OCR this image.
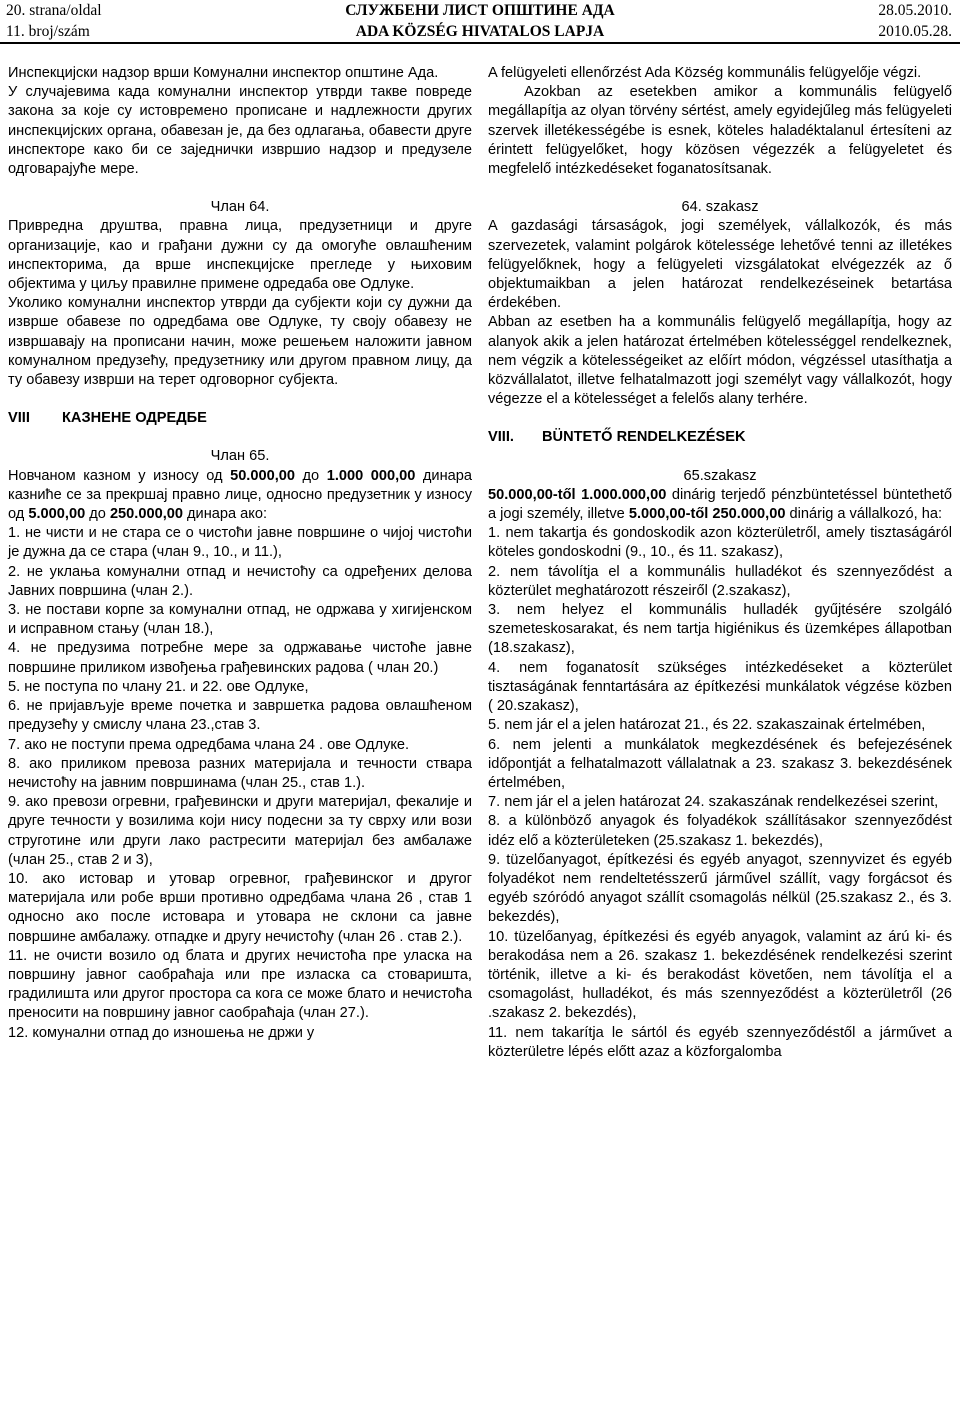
20. strana/oldal
11. broj/szám
СЛУЖБЕНИ ЛИСТ ОПШТИНЕ АДА
ADA KÖZSÉG HIVATALOS LAPJA
28.05.2010.
2010.05.28.

Инспекцијски надзор врши Комунални инспектор општине Ада.

У случајевима када комунални инспектор утврди такве повреде закона за које су истовремено прописане и надлежности других инспекцијских органа, обавезан је, да без одлагања, обавести друге инспекторе како би се заједнички извршио надзор и предузеле одговарајуће мере.

Члан 64.

Привредна друштва, правна лица, предузетници и друге организације, као и грађани дужни су да омогуће овлашћеним инспекторима, да врше инспекцијске прегледе у њиховим објектима у циљу правилне примене одредаба ове Одлуке.

Уколико комунални инспектор утврди да субјекти који су дужни да изврше обавезе по одредбама ове Одлуке, ту своју обавезу не извршавају на прописани начин, може решењем наложити јавном комуналном предузећу, предузетнику или другом правном лицу, да ту обавезу изврши на терет одговорног субјекта.

VIII	КАЗНЕНЕ ОДРЕДБЕ

Члан 65.

Новчаном казном у износу од 50.000,00 до 1.000 000,00 динара казниће се за прекршај правно лице, односно предузетник у износу од 5.000,00 до 250.000,00 динара ако:

1. не чисти и не стара се о чистоћи јавне површине о чијој чистоћи је дужна да се стара (члан 9., 10., и 11.),

2. не уклања комунални отпад и нечистоћу са одређених делова Јавних површина (члан 2.).

3. не постави корпе за комунални отпад, не одржава у хигијенском и исправном стању (члан 18.),

4. не предузима потребне мере за одржавање чистоће јавне површине приликом извођења грађевинских радова ( члан 20.)

5. не поступа по члану 21. и 22. ове Одлуке,

6. не пријављује време почетка и завршетка радова овлашћеном предузећу у смислу члана 23.,став 3.

7. ако не поступи према одредбама члана 24 . ове Одлуке.

8. ако приликом превоза разних материјала и течности ствара нечистоћу на јавним површинама (члан 25., став 1.).

9. ако превози огревни, грађевински и други материјал, фекалије и друге течности у возилима који нису подесни за ту сврху или вози струготине или други лако растресити материјал без амбалаже (члан 25., став 2 и 3),

10. ако истовар и утовар огревног, грађевинског и другог материјала или робе врши противно одредбама члана 26 , став 1 односно ако после истовара и утовара не склони са јавне површине амбалажу. отпадке и другу нечистоћу (члан 26 . став 2.).

11. не очисти возило од блата и других нечистоћа пре уласка на површину јавног саобраћаја или пре изласка са стоваришта, градилишта или другог простора са кога се може блато и нечистоћа преносити на површину јавног саобраћаја (члан 27.).

12. комунални отпад до изношења не држи у

A felügyeleti ellenőrzést Ada Község kommunális felügyelője végzi.

Azokban az esetekben amikor a kommunális felügyelő megállapítja az olyan törvény sértést, amely egyidejűleg más felügyeleti szervek illetékességébe is esnek, köteles haladéktalanul értesíteni az érintett felügyelőket, hogy közösen végezzék a felügyeletet és megfelelő intézkedéseket foganatosítsanak.

64. szakasz

A gazdasági társaságok, jogi személyek, vállalkozók, és más szervezetek, valamint polgárok kötelessége lehetővé tenni az illetékes felügyelőknek, hogy a felügyeleti vizsgálatokat elvégezzék az ő objektumaikban a jelen határozat rendelkezéseinek betartása érdekében.

Abban az esetben ha a kommunális felügyelő megállapítja, hogy az alanyok akik a jelen határozat értelmében kötelességgel rendelkeznek, nem végzik a kötelességeiket az előírt módon, végzéssel utasíthatja a közvállalatot, illetve felhatalmazott jogi személyt vagy vállalkozót, hogy végezze el a kötelességet a felelős alany terhére.

VIII.	BÜNTETŐ RENDELKEZÉSEK

65.szakasz

50.000,00-től 1.000.000,00 dinárig terjedő pénzbüntetéssel büntethető a jogi személy, illetve 5.000,00-től 250.000,00 dinárig a vállalkozó, ha:

1. nem takartja és gondoskodik azon közterületről, amely tisztaságáról köteles gondoskodni (9., 10., és 11. szakasz),

2. nem távolítja el a kommunális hulladékot és szennyeződést a közterület meghatározott részeiről (2.szakasz),

3. nem helyez el kommunális hulladék gyűjtésére szolgáló szemeteskosarakat, és nem tartja higiénikus és üzemképes állapotban (18.szakasz),

4. nem foganatosít szükséges intézkedéseket a közterület tisztaságának fenntartására az építkezési munkálatok végzése közben ( 20.szakasz),

5. nem jár el a jelen határozat 21., és 22. szakaszainak értelmében,

6. nem jelenti a munkálatok megkezdésének és befejezésének időpontját a felhatalmazott vállalatnak a 23. szakasz 3. bekezdésének értelmében,

7. nem jár el a jelen határozat 24. szakaszának rendelkezései szerint,

8. a különböző anyagok és folyadékok szállításakor szennyeződést idéz elő a közterületeken (25.szakasz 1. bekezdés),

9. tüzelőanyagot, építkezési és egyéb anyagot, szennyvizet és egyéb folyadékot nem rendeltetésszerű járművel szállít, vagy forgácsot és egyéb szóródó anyagot szállít csomagolás nélkül (25.szakasz 2., és 3. bekezdés),

10. tüzelőanyag, építkezési és egyéb anyagok, valamint az árú ki- és berakodása nem a 26. szakasz 1. bekezdésének rendelkezési szerint történik, illetve a ki- és berakodást követően, nem távolítja el a csomagolást, hulladékot, és más szennyeződést a közterületről (26 .szakasz 2. bekezdés),

11. nem takarítja le sártól és egyéb szennyeződéstől a járművet a közterületre lépés előtt azaz a közforgalomba
